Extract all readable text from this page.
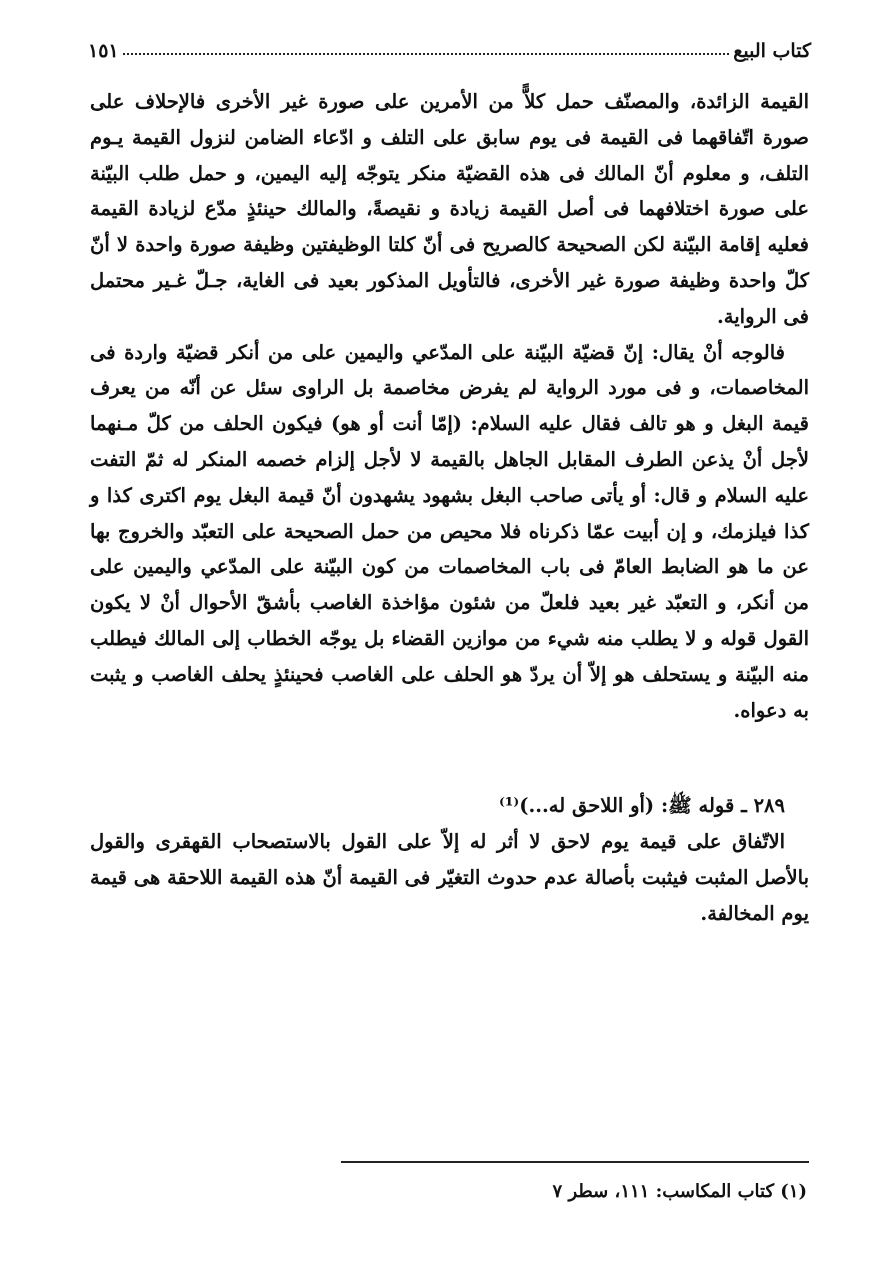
كتاب البيع
١٥١

القيمة الزائدة، والمصنّف حمل كلاًّ من الأمرين على صورة غير الأخرى فالإحلاف على صورة اتّفاقهما فى القيمة فى يوم سابق على التلف و ادّعاء الضامن لنزول القيمة يـوم التلف، و معلوم أنّ المالك فى هذه القضيّة منكر يتوجّه إليه اليمين، و حمل طلب البيّنة على صورة اختلافهما فى أصل القيمة زيادة و نقيصةً، والمالك حينئذٍ مدّع لزيادة القيمة فعليه إقامة البيّنة لكن الصحيحة كالصريح فى أنّ كلتا الوظيفتين وظيفة صورة واحدة لا أنّ كلّ واحدة وظيفة صورة غير الأخرى، فالتأويل المذكور بعيد فى الغاية، جـلّ غـير محتمل فى الرواية.

فالوجه أنْ يقال: إنّ قضيّة البيّنة على المدّعي واليمين على من أنكر قضيّة واردة فى المخاصمات، و فى مورد الرواية لم يفرض مخاصمة بل الراوى سئل عن أنّه من يعرف قيمة البغل و هو تالف فقال عليه السلام: (إمّا أنت أو هو) فيكون الحلف من كلّ مـنهما لأجل أنْ يذعن الطرف المقابل الجاهل بالقيمة لا لأجل إلزام خصمه المنكر له ثمّ التفت عليه السلام و قال: أو يأتى صاحب البغل بشهود يشهدون أنّ قيمة البغل يوم اكترى كذا و كذا فيلزمك، و إن أبيت عمّا ذكرناه فلا محيص من حمل الصحيحة على التعبّد والخروج بها عن ما هو الضابط العامّ فى باب المخاصمات من كون البيّنة على المدّعي واليمين على من أنكر، و التعبّد غير بعيد فلعلّ من شئون مؤاخذة الغاصب بأشقّ الأحوال أنْ لا يكون القول قوله و لا يطلب منه شيء من موازين القضاء بل يوجّه الخطاب إلى المالك فيطلب منه البيّنة و يستحلف هو إلاّ أن يردّ هو الحلف على الغاصب فحينئذٍ يحلف الغاصب و يثبت به دعواه.

٢٨٩ ـ قوله ﷺ: (أو اللاحق له...)⁽¹⁾

الاتّفاق على قيمة يوم لاحق لا أثر له إلاّ على القول بالاستصحاب القهقرى والقول بالأصل المثبت فيثبت بأصالة عدم حدوث التغيّر فى القيمة أنّ هذه القيمة اللاحقة هى قيمة يوم المخالفة.

(١) كتاب المكاسب: ١١١، سطر ٧
